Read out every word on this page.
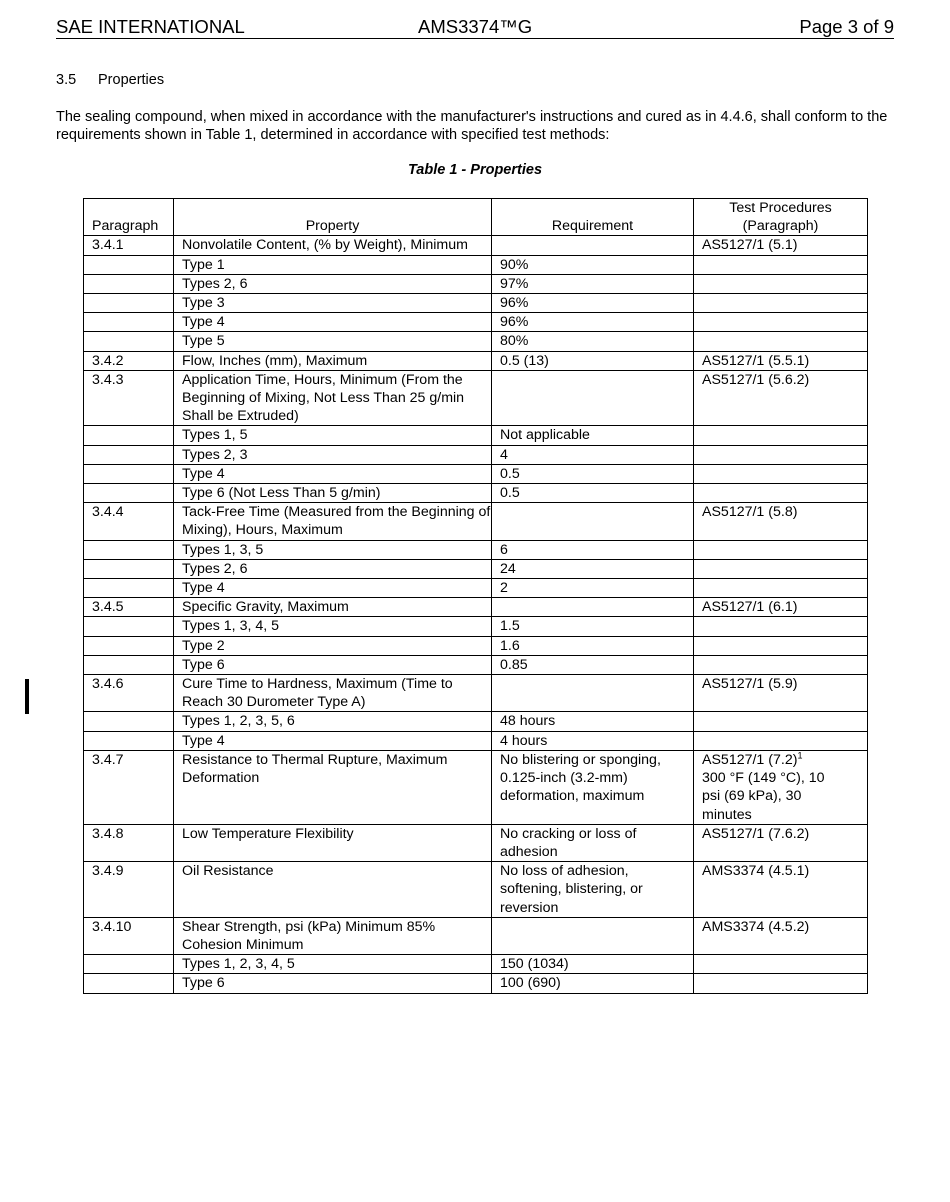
SAE INTERNATIONAL	AMS3374™G	Page 3 of 9
3.5 Properties
The sealing compound, when mixed in accordance with the manufacturer's instructions and cured as in 4.4.6, shall conform to the requirements shown in Table 1, determined in accordance with specified test methods:
Table 1 - Properties
Paragraph	Property	Requirement	Test Procedures
(Paragraph)
3.4.1	Nonvolatile Content, (% by Weight), Minimum		AS5127/1 (5.1)
	Type 1	90%	
	Types 2, 6	97%	
	Type 3	96%	
	Type 4	96%	
	Type 5	80%	
3.4.2	Flow, Inches (mm), Maximum	0.5 (13)	AS5127/1 (5.5.1)
3.4.3	Application Time, Hours, Minimum (From the Beginning of Mixing, Not Less Than 25 g/min Shall be Extruded)		AS5127/1 (5.6.2)
	Types 1, 5	Not applicable	
	Types 2, 3	4	
	Type 4	0.5	
	Type 6 (Not Less Than 5 g/min)	0.5	
3.4.4	Tack-Free Time (Measured from the Beginning of Mixing), Hours, Maximum		AS5127/1 (5.8)
	Types 1, 3, 5	6	
	Types 2, 6	24	
	Type 4	2	
3.4.5	Specific Gravity, Maximum		AS5127/1 (6.1)
	Types 1, 3, 4, 5	1.5	
	Type 2	1.6	
	Type 6	0.85	
3.4.6	Cure Time to Hardness, Maximum (Time to Reach 30 Durometer Type A)		AS5127/1 (5.9)
	Types 1, 2, 3, 5, 6	48 hours	
	Type 4	4 hours	
3.4.7	Resistance to Thermal Rupture, Maximum Deformation	No blistering or sponging, 0.125-inch (3.2-mm) deformation, maximum	AS5127/1 $(7.2)^1$
300 °F (149 °C), 10 psi (69 kPa), 30 minutes

3.4.8	Low Temperature Flexibility	No cracking or loss of adhesion	AS5127/1 (7.6.2)
3.4.9	Oil Resistance	No loss of adhesion, softening, blistering, or reversion	AMS3374 (4.5.1)
3.4.10	Shear Strength, psi (kPa) Minimum 85% Cohesion Minimum		AMS3374 (4.5.2)
	Types 1, 2, 3, 4, 5	150 (1034)	
	Type 6	100 (690)	
